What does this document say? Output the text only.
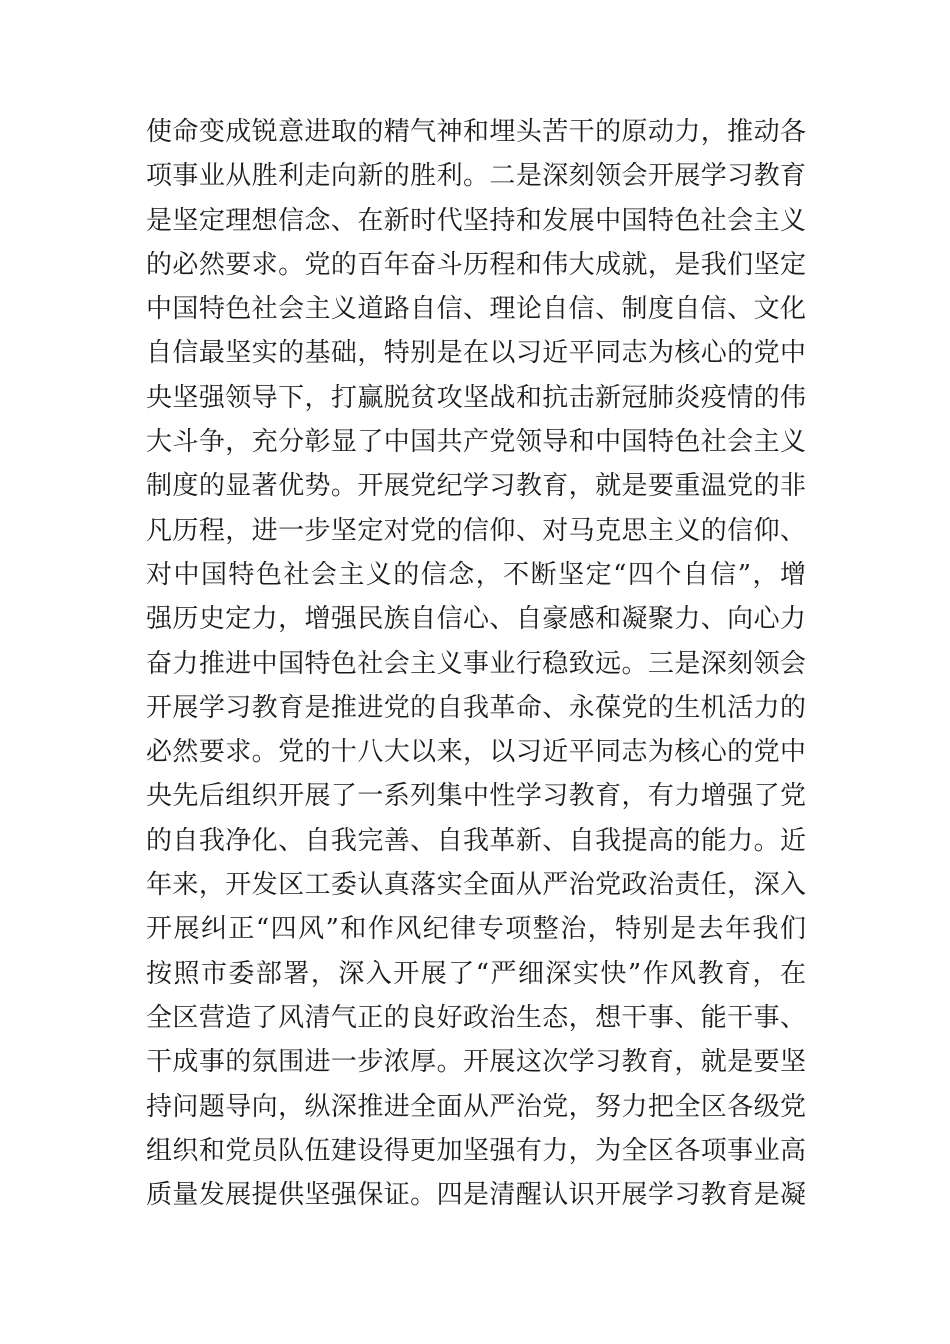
使命变成锐意进取的精气神和埋头苦干的原动力，推动各
项事业从胜利走向新的胜利。二是深刻领会开展学习教育
是坚定理想信念、在新时代坚持和发展中国特色社会主义
的必然要求。党的百年奋斗历程和伟大成就，是我们坚定
中国特色社会主义道路自信、理论自信、制度自信、文化
自信最坚实的基础，特别是在以习近平同志为核心的党中
央坚强领导下，打赢脱贫攻坚战和抗击新冠肺炎疫情的伟
大斗争，充分彰显了中国共产党领导和中国特色社会主义
制度的显著优势。开展党纪学习教育，就是要重温党的非
凡历程，进一步坚定对党的信仰、对马克思主义的信仰、
对中国特色社会主义的信念，不断坚定“四个自信”，增
强历史定力，增强民族自信心、自豪感和凝聚力、向心力
奋力推进中国特色社会主义事业行稳致远。三是深刻领会
开展学习教育是推进党的自我革命、永葆党的生机活力的
必然要求。党的十八大以来，以习近平同志为核心的党中
央先后组织开展了一系列集中性学习教育，有力增强了党
的自我净化、自我完善、自我革新、自我提高的能力。近
年来，开发区工委认真落实全面从严治党政治责任，深入
开展纠正“四风”和作风纪律专项整治，特别是去年我们
按照市委部署，深入开展了“严细深实快”作风教育，在
全区营造了风清气正的良好政治生态，想干事、能干事、
干成事的氛围进一步浓厚。开展这次学习教育，就是要坚
持问题导向，纵深推进全面从严治党，努力把全区各级党
组织和党员队伍建设得更加坚强有力，为全区各项事业高
质量发展提供坚强保证。四是清醒认识开展学习教育是凝
